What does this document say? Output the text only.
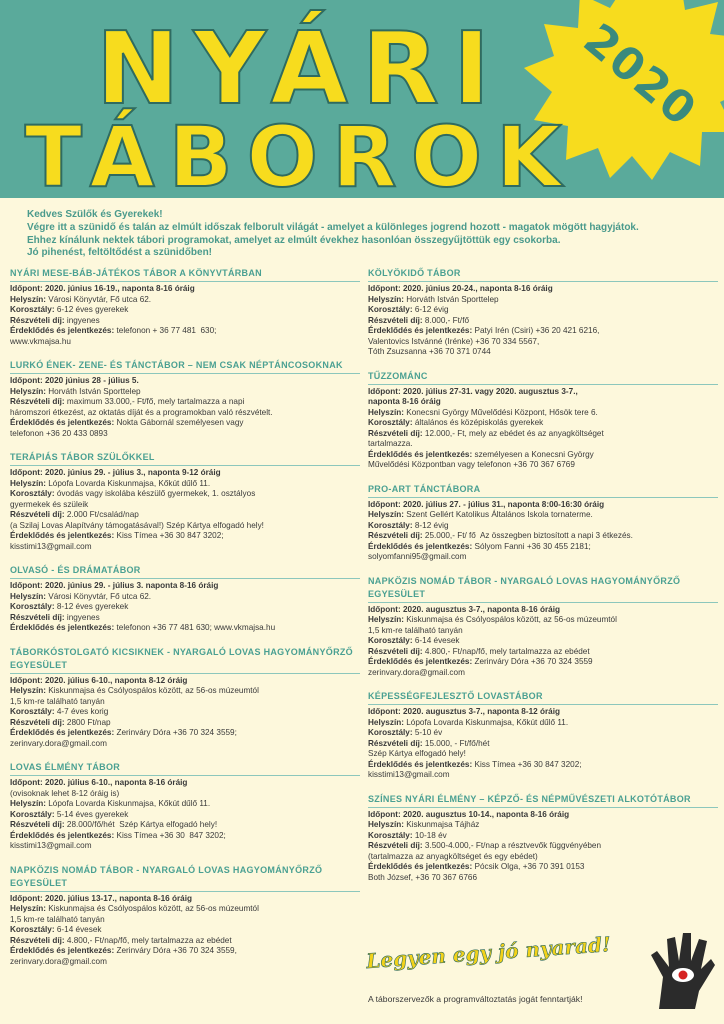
2020
NYÁRI
TÁBOROK
Kedves Szülők és Gyerekek!
Végre itt a szünidő és talán az elmúlt időszak felborult világát - amelyet a különleges jogrend hozott - magatok mögött hagyjátok.
Ehhez kínálunk nektek tábori programokat, amelyet az elmúlt évekhez hasonlóan összegyűjtöttük egy csokorba.
Jó pihenést, feltöltődést a szünidőben!
NYÁRI MESE-BÁB-JÁTÉKOS TÁBOR A KÖNYVTÁRBAN
Időpont: 2020. június 16-19., naponta 8-16 óráig
Helyszín: Városi Könyvtár, Fő utca 62.
Korosztály: 6-12 éves gyerekek
Részvételi díj: ingyenes
Érdeklődés és jelentkezés: telefonon + 36 77 481  630;
www.vkmajsa.hu
LURKÓ ÉNEK- ZENE- ÉS TÁNCTÁBOR – NEM CSAK NÉPTÁNCOSOKNAK
Időpont: 2020 június 28 - július 5.
Helyszín: Horváth István Sporttelep
Részvételi díj: maximum 33.000,- Ft/fő, mely tartalmazza a napi
háromszori étkezést, az oktatás díját és a programokban való részvételt.
Érdeklődés és jelentkezés: Nokta Gábornál személyesen vagy
telefonon +36 20 433 0893
TERÁPIÁS TÁBOR SZÜLŐKKEL
Időpont: 2020. június 29. - július 3., naponta 9-12 óráig
Helyszín: Lópofa Lovarda Kiskunmajsa, Kőkút dűlő 11.
Korosztály: óvodás vagy iskolába készülő gyermekek, 1. osztályos
gyermekek és szüleik
Részvételi díj: 2.000 Ft/család/nap
(a Szilaj Lovas Alapítvány támogatásával!) Szép Kártya elfogadó hely!
Érdeklődés és jelentkezés: Kiss Tímea +36 30 847 3202;
kisstimi13@gmail.com
OLVASÓ - ÉS DRÁMATÁBOR
Időpont: 2020. június 29. - július 3. naponta 8-16 óráig
Helyszín: Városi Könyvtár, Fő utca 62.
Korosztály: 8-12 éves gyerekek
Részvételi díj: ingyenes
Érdeklődés és jelentkezés: telefonon +36 77 481 630; www.vkmajsa.hu
TÁBORKÓSTOLGATÓ KICSIKNEK - NYARGALÓ LOVAS HAGYOMÁNYŐRZŐ EGYESÜLET
Időpont: 2020. július 6-10., naponta 8-12 óráig
Helyszín: Kiskunmajsa és Csólyospálos között, az 56-os múzeumtól
1,5 km-re található tanyán
Korosztály: 4-7 éves korig
Részvételi díj: 2800 Ft/nap
Érdeklődés és jelentkezés: Zerinváry Dóra +36 70 324 3559;
zerinvary.dora@gmail.com
LOVAS ÉLMÉNY TÁBOR
Időpont: 2020. július 6-10., naponta 8-16 óráig
(ovisoknak lehet 8-12 óráig is)
Helyszín: Lópofa Lovarda Kiskunmajsa, Kőkút dűlő 11.
Korosztály: 5-14 éves gyerekek
Részvételi díj: 28.000/fő/hét  Szép Kártya elfogadó hely!
Érdeklődés és jelentkezés: Kiss Tímea +36 30  847 3202;
kisstimi13@gmail.com
NAPKÖZIS NOMÁD TÁBOR - NYARGALÓ LOVAS HAGYOMÁNYŐRZŐ EGYESÜLET
Időpont: 2020. július 13-17., naponta 8-16 óráig
Helyszín: Kiskunmajsa és Csólyospálos között, az 56-os múzeumtól
1,5 km-re található tanyán
Korosztály: 6-14 évesek
Részvételi díj: 4.800,- Ft/nap/fő, mely tartalmazza az ebédet
Érdeklődés és jelentkezés: Zerinváry Dóra +36 70 324 3559,
zerinvary.dora@gmail.com
KÖLYÖKIDŐ TÁBOR
Időpont: 2020. június 20-24., naponta 8-16 óráig
Helyszín: Horváth István Sporttelep
Korosztály: 6-12 évig
Részvételi díj: 8.000,- Ft/fő
Érdeklődés és jelentkezés: Patyi Irén (Csiri) +36 20 421 6216,
Valentovics Istvánné (Irénke) +36 70 334 5567,
Tóth Zsuzsanna +36 70 371 0744
TŰZZOMÁNC
Időpont: 2020. július 27-31. vagy 2020. augusztus 3-7.,
naponta 8-16 óráig
Helyszín: Konecsni György Művelődési Központ, Hősök tere 6.
Korosztály: általános és középiskolás gyerekek
Részvételi díj: 12.000,- Ft, mely az ebédet és az anyagköltséget
tartalmazza.
Érdeklődés és jelentkezés: személyesen a Konecsni György
Művelődési Központban vagy telefonon +36 70 367 6769
PRO-ART TÁNCTÁBORA
Időpont: 2020. július 27. - július 31., naponta 8:00-16:30 óráig
Helyszín: Szent Gellért Katolikus Általános Iskola tornaterme.
Korosztály: 8-12 évig
Részvételi díj: 25.000,- Ft/ fő  Az összegben biztosított a napi 3 étkezés.
Érdeklődés és jelentkezés: Sólyom Fanni +36 30 455 2181;
solyomfanni95@gmail.com
NAPKÖZIS NOMÁD TÁBOR - NYARGALÓ LOVAS HAGYOMÁNYŐRZŐ EGYESÜLET
Időpont: 2020. augusztus 3-7., naponta 8-16 óráig
Helyszín: Kiskunmajsa és Csólyospálos között, az 56-os múzeumtól
1,5 km-re található tanyán
Korosztály: 6-14 évesek
Részvételi díj: 4.800,- Ft/nap/fő, mely tartalmazza az ebédet
Érdeklődés és jelentkezés: Zerinváry Dóra +36 70 324 3559
zerinvary.dora@gmail.com
KÉPESSÉGFEJLESZTŐ LOVASTÁBOR
Időpont: 2020. augusztus 3-7., naponta 8-12 óráig
Helyszín: Lópofa Lovarda Kiskunmajsa, Kőkút dűlő 11.
Korosztály: 5-10 év
Részvételi díj: 15.000, - Ft/fő/hét
Szép Kártya elfogadó hely!
Érdeklődés és jelentkezés: Kiss Tímea +36 30 847 3202;
kisstimi13@gmail.com
SZÍNES NYÁRI ÉLMÉNY – KÉPZŐ- ÉS NÉPMŰVÉSZETI ALKOTÓTÁBOR
Időpont: 2020. augusztus 10-14., naponta 8-16 óráig
Helyszín: Kiskunmajsa Tájház
Korosztály: 10-18 év
Részvételi díj: 3.500-4.000,- Ft/nap a résztvevők függvényében
(tartalmazza az anyagköltséget és egy ebédet)
Érdeklődés és jelentkezés: Pócsik Olga, +36 70 391 0153
Both József, +36 70 367 6766
Legyen egy jó nyarad!
A táborszervezők a programváltoztatás jogát fenntartják!
